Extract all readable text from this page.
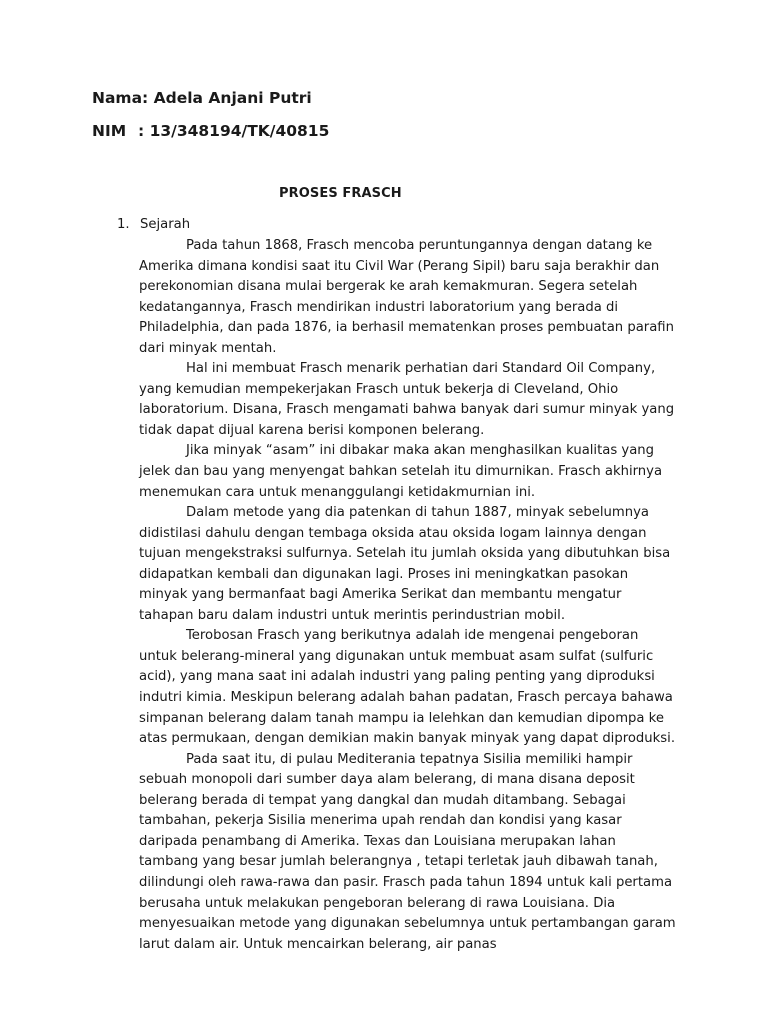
Nama: Adela Anjani Putri
NIM : 13/348194/TK/40815
PROSES FRASCH
1. Sejarah

Pada tahun 1868, Frasch mencoba peruntungannya dengan datang ke Amerika dimana kondisi saat itu Civil War (Perang Sipil) baru saja berakhir dan perekonomian disana mulai bergerak ke arah kemakmuran. Segera setelah kedatangannya, Frasch mendirikan industri laboratorium yang berada di Philadelphia, dan pada 1876, ia berhasil mematenkan proses pembuatan parafin dari minyak mentah.

Hal ini membuat Frasch menarik perhatian dari Standard Oil Company, yang kemudian mempekerjakan Frasch untuk bekerja di Cleveland, Ohio laboratorium. Disana, Frasch mengamati bahwa banyak dari sumur minyak yang tidak dapat dijual karena berisi komponen belerang.

Jika minyak “asam” ini dibakar maka akan menghasilkan kualitas yang jelek dan bau yang menyengat bahkan setelah itu dimurnikan. Frasch akhirnya menemukan cara untuk menanggulangi ketidakmurnian ini.

Dalam metode yang dia patenkan di tahun 1887, minyak sebelumnya didistilasi dahulu dengan tembaga oksida atau oksida logam lainnya dengan tujuan mengekstraksi sulfurnya. Setelah itu jumlah oksida yang dibutuhkan bisa didapatkan kembali dan digunakan lagi. Proses ini meningkatkan pasokan minyak yang bermanfaat bagi Amerika Serikat dan membantu mengatur tahapan baru dalam industri untuk merintis perindustrian mobil.

Terobosan Frasch yang berikutnya adalah ide mengenai pengeboran untuk belerang-mineral yang digunakan untuk membuat asam sulfat (sulfuric acid), yang mana saat ini adalah industri yang paling penting yang diproduksi indutri kimia. Meskipun belerang adalah bahan padatan, Frasch percaya bahawa simpanan belerang dalam tanah mampu ia lelehkan dan kemudian dipompa ke atas permukaan, dengan demikian makin banyak minyak yang dapat diproduksi.

Pada saat itu, di pulau Mediterania tepatnya Sisilia memiliki hampir sebuah monopoli dari sumber daya alam belerang, di mana disana deposit belerang berada di tempat yang dangkal dan mudah ditambang. Sebagai tambahan, pekerja Sisilia menerima upah rendah dan kondisi yang kasar daripada penambang di Amerika. Texas dan Louisiana merupakan lahan tambang yang besar jumlah belerangnya , tetapi terletak jauh dibawah tanah, dilindungi oleh rawa-rawa dan pasir. Frasch pada tahun 1894 untuk kali pertama berusaha untuk melakukan pengeboran belerang di rawa Louisiana. Dia menyesuaikan metode yang digunakan sebelumnya untuk pertambangan garam larut dalam air. Untuk mencairkan belerang, air panas
